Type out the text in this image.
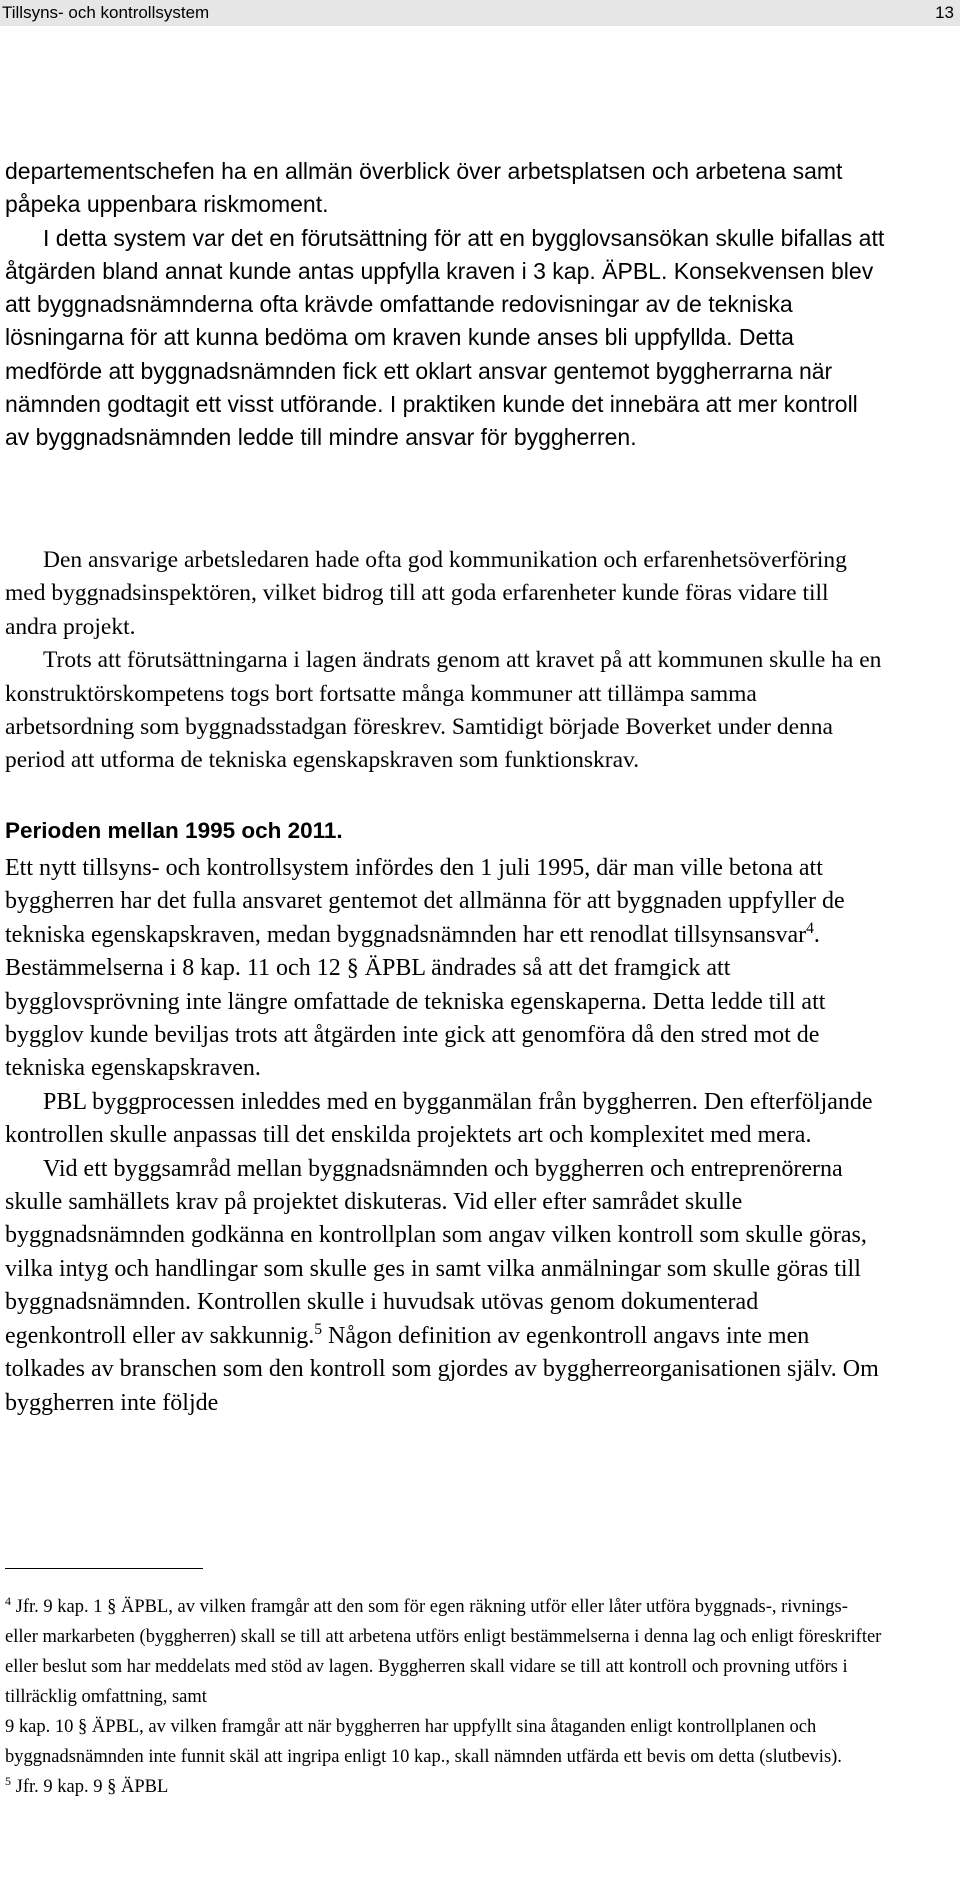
Tillsyns- och kontrollsystem	13

departementschefen ha en allmän överblick över arbetsplatsen och arbetena samt påpeka uppenbara riskmoment.

I detta system var det en förutsättning för att en bygglovsansökan skulle bifallas att åtgärden bland annat kunde antas uppfylla kraven i 3 kap. ÄPBL. Konsekvensen blev att byggnadsnämnderna ofta krävde omfattande redovisningar av de tekniska lösningarna för att kunna bedöma om kraven kunde anses bli uppfyllda. Detta medförde att byggnadsnämnden fick ett oklart ansvar gentemot byggherrarna när nämnden godtagit ett visst utförande. I praktiken kunde det innebära att mer kontroll av byggnadsnämnden ledde till mindre ansvar för byggherren.

Den ansvarige arbetsledaren hade ofta god kommunikation och erfarenhetsöverföring med byggnadsinspektören, vilket bidrog till att goda erfarenheter kunde föras vidare till andra projekt.

Trots att förutsättningarna i lagen ändrats genom att kravet på att kommunen skulle ha en konstruktörskompetens togs bort fortsatte många kommuner att tillämpa samma arbetsordning som byggnadsstadgan föreskrev. Samtidigt började Boverket under denna period att utforma de tekniska egenskapskraven som funktionskrav.

Perioden mellan 1995 och 2011.

Ett nytt tillsyns- och kontrollsystem infördes den 1 juli 1995, där man ville betona att byggherren har det fulla ansvaret gentemot det allmänna för att byggnaden uppfyller de tekniska egenskapskraven, medan byggnadsnämnden har ett renodlat tillsynsansvar$^4$. Bestämmelserna i 8 kap. 11 och 12 § ÄPBL ändrades så att det framgick att bygglovsprövning inte längre omfattade de tekniska egenskaperna. Detta ledde till att bygglov kunde beviljas trots att åtgärden inte gick att genomföra då den stred mot de tekniska egenskapskraven.

PBL byggprocessen inleddes med en bygganmälan från byggherren. Den efterföljande kontrollen skulle anpassas till det enskilda projektets art och komplexitet med mera.

Vid ett byggsamråd mellan byggnadsnämnden och byggherren och entreprenörerna skulle samhällets krav på projektet diskuteras. Vid eller efter samrådet skulle byggnadsnämnden godkänna en kontrollplan som angav vilken kontroll som skulle göras, vilka intyg och handlingar som skulle ges in samt vilka anmälningar som skulle göras till byggnadsnämnden. Kontrollen skulle i huvudsak utövas genom dokumenterad egenkontroll eller av sakkunnig.$^5$ Någon definition av egenkontroll angavs inte men tolkades av branschen som den kontroll som gjordes av byggherreorganisationen själv. Om byggherren inte följde

$^4$ Jfr. 9 kap. 1 § ÄPBL, av vilken framgår att den som för egen räkning utför eller låter utföra byggnads-, rivnings- eller markarbeten (byggherren) skall se till att arbetena utförs enligt bestämmelserna i denna lag och enligt föreskrifter eller beslut som har meddelats med stöd av lagen. Byggherren skall vidare se till att kontroll och provning utförs i tillräcklig omfattning, samt

9 kap. 10 § ÄPBL, av vilken framgår att när byggherren har uppfyllt sina åtaganden enligt kontrollplanen och byggnadsnämnden inte funnit skäl att ingripa enligt 10 kap., skall nämnden utfärda ett bevis om detta (slutbevis).

$^5$ Jfr. 9 kap. 9 § ÄPBL
